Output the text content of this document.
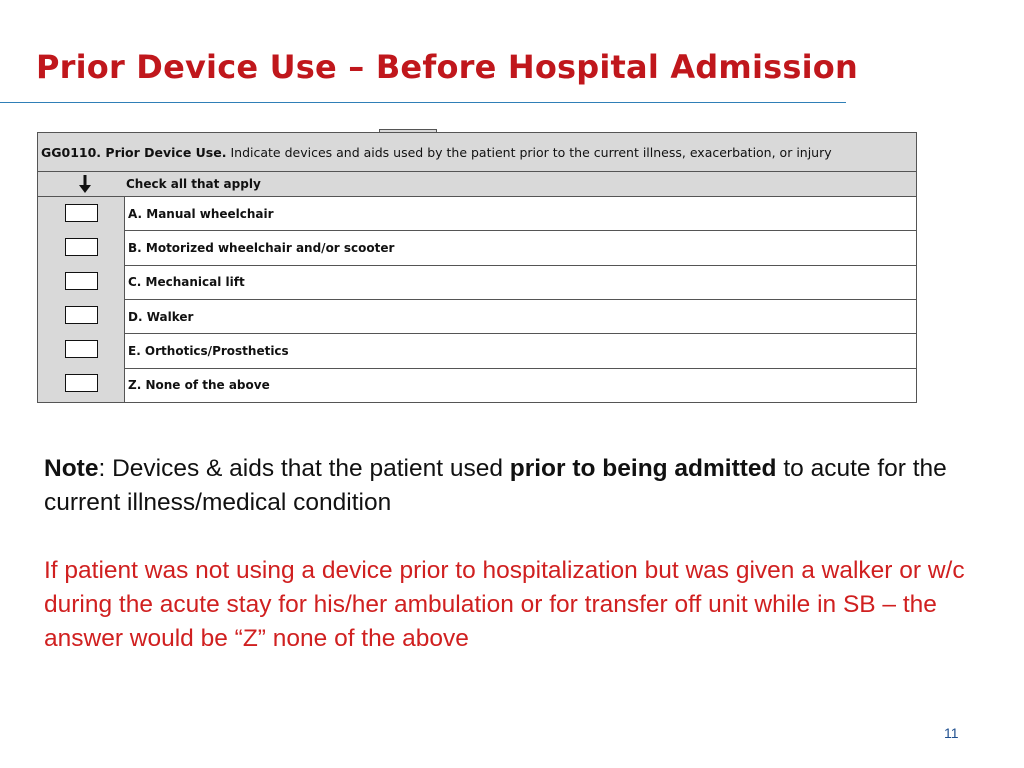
Prior Device Use – Before Hospital Admission
GG0110. Prior Device Use. Indicate devices and aids used by the patient prior to the current illness, exacerbation, or injury
Check all that apply
A. Manual wheelchair
B. Motorized wheelchair and/or scooter
C. Mechanical lift
D. Walker
E. Orthotics/Prosthetics
Z. None of the above
Note: Devices & aids that the patient used prior to being admitted to acute for the current illness/medical condition
If patient was not using a device prior to hospitalization but was given a walker or w/c during the acute stay for his/her ambulation or for transfer off unit while in SB – the answer would be “Z” none of the above
11
